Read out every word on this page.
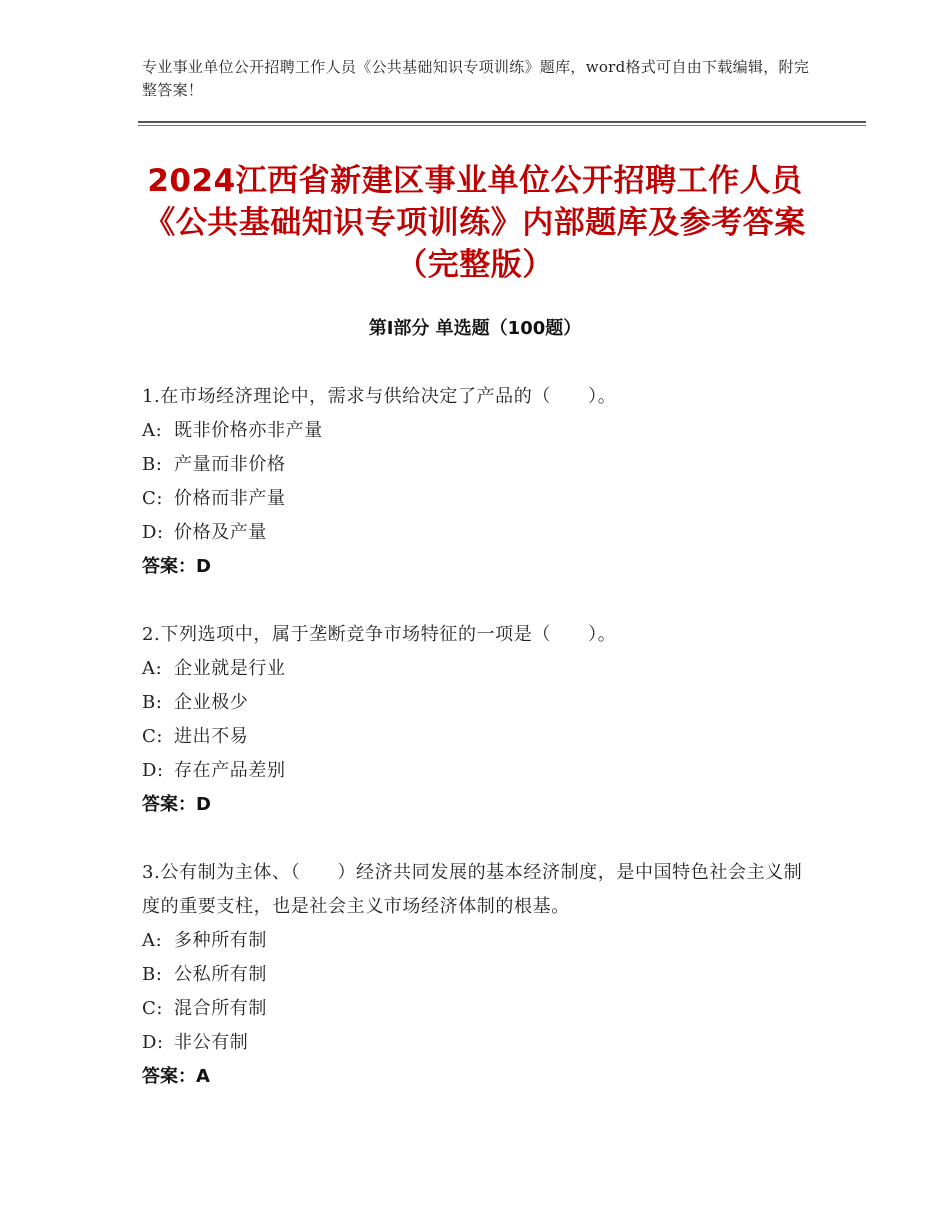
专业事业单位公开招聘工作人员《公共基础知识专项训练》题库，word格式可自由下载编辑，附完整答案！
2024江西省新建区事业单位公开招聘工作人员《公共基础知识专项训练》内部题库及参考答案（完整版）
第I部分 单选题（100题）

1.在市场经济理论中，需求与供给决定了产品的（　　）。

A: 既非价格亦非产量

B: 产量而非价格

C: 价格而非产量

D: 价格及产量

答案：D

2.下列选项中，属于垄断竞争市场特征的一项是（　　）。

A: 企业就是行业

B: 企业极少

C: 进出不易

D: 存在产品差别

答案：D

3.公有制为主体、（　　）经济共同发展的基本经济制度，是中国特色社会主义制度的重要支柱，也是社会主义市场经济体制的根基。

A: 多种所有制

B: 公私所有制

C: 混合所有制

D: 非公有制

答案：A
